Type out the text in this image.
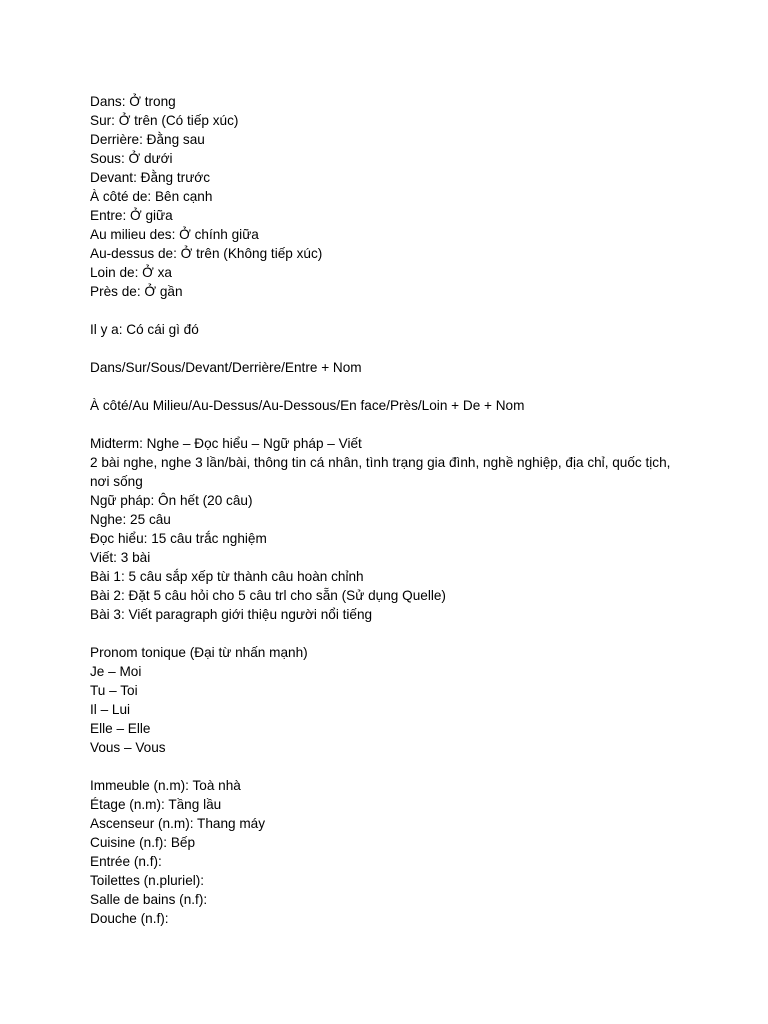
Dans: Ở trong
Sur: Ở trên (Có tiếp xúc)
Derrière: Đằng sau
Sous: Ở dưới
Devant: Đằng trước
À côté de: Bên cạnh
Entre: Ở giữa
Au milieu des: Ở chính giữa
Au-dessus de: Ở trên (Không tiếp xúc)
Loin de: Ở xa
Près de: Ở gần
Il y a: Có cái gì đó
Dans/Sur/Sous/Devant/Derrière/Entre + Nom
À côté/Au Milieu/Au-Dessus/Au-Dessous/En face/Près/Loin + De + Nom
Midterm: Nghe – Đọc hiểu – Ngữ pháp – Viết
2 bài nghe, nghe 3 lần/bài, thông tin cá nhân, tình trạng gia đình, nghề nghiệp, địa chỉ, quốc tịch, nơi sống
Ngữ pháp: Ôn hết (20 câu)
Nghe: 25 câu
Đọc hiểu: 15 câu trắc nghiệm
Viết: 3 bài
Bài 1: 5 câu sắp xếp từ thành câu hoàn chỉnh
Bài 2: Đặt 5 câu hỏi cho 5 câu trl cho sẵn (Sử dụng Quelle)
Bài 3: Viết paragraph giới thiệu người nổi tiếng
Pronom tonique (Đại từ nhấn mạnh)
Je – Moi
Tu – Toi
Il – Lui
Elle – Elle
Vous – Vous
Immeuble (n.m): Toà nhà
Étage (n.m): Tầng lầu
Ascenseur (n.m): Thang máy
Cuisine (n.f): Bếp
Entrée (n.f):
Toilettes (n.pluriel):
Salle de bains (n.f):
Douche (n.f):
